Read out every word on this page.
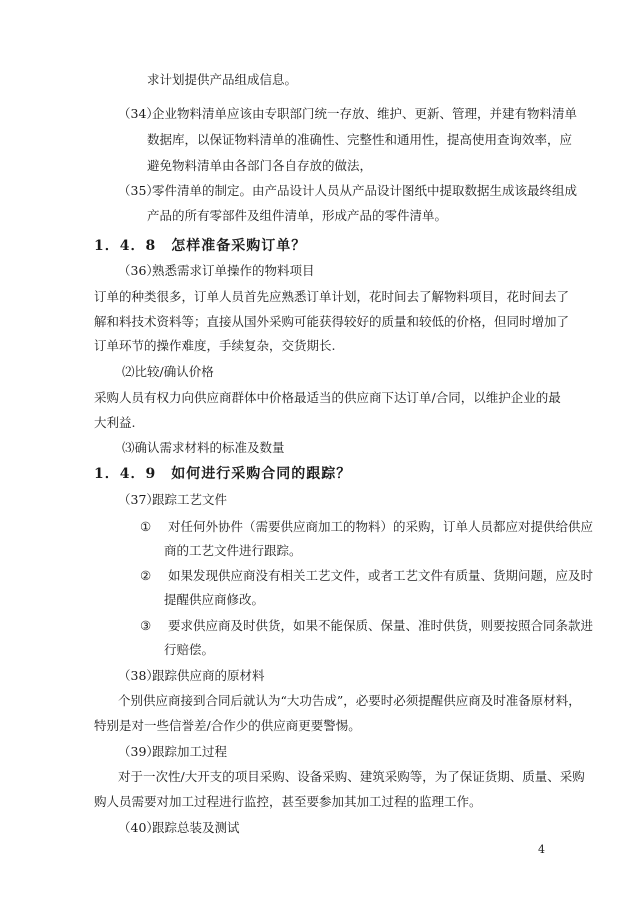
求计划提供产品组成信息。
（34） 企业物料清单应该由专职部门统一存放、维护、更新、管理，并建有物料清单
数据库，以保证物料清单的准确性、完整性和通用性，提高使用查询效率，应
避免物料清单由各部门各自存放的做法，
（35） 零件清单的制定。由产品设计人员从产品设计图纸中提取数据生成该最终组成
产品的所有零部件及组件清单，形成产品的零件清单。
1．4．8　怎样准备采购订单？
（36） 熟悉需求订单操作的物料项目
订单的种类很多，订单人员首先应熟悉订单计划，花时间去了解物料项目，花时间去了
解和料技术资料等；直接从国外采购可能获得较好的质量和较低的价格，但同时增加了
订单环节的操作难度，手续复杂，交货期长.
⑵比较/确认价格
采购人员有权力向供应商群体中价格最适当的供应商下达订单/合同，以维护企业的最
大利益.
⑶确认需求材料的标准及数量
1．4．9　如何进行采购合同的跟踪？
（37） 跟踪工艺文件
① 对任何外协件（需要供应商加工的物料）的采购，订单人员都应对提供给供应
商的工艺文件进行跟踪。
② 如果发现供应商没有相关工艺文件，或者工艺文件有质量、货期问题，应及时
提醒供应商修改。
③ 要求供应商及时供货，如果不能保质、保量、准时供货，则要按照合同条款进
行赔偿。
（38） 跟踪供应商的原材料
个别供应商接到合同后就认为“大功告成”，必要时必须提醒供应商及时准备原材料，
特别是对一些信誉差/合作少的供应商更要警惕。
（39） 跟踪加工过程
对于一次性/大开支的项目采购、设备采购、建筑采购等，为了保证货期、质量、采购
购人员需要对加工过程进行监控，甚至要参加其加工过程的监理工作。
（40） 跟踪总装及测试
4
